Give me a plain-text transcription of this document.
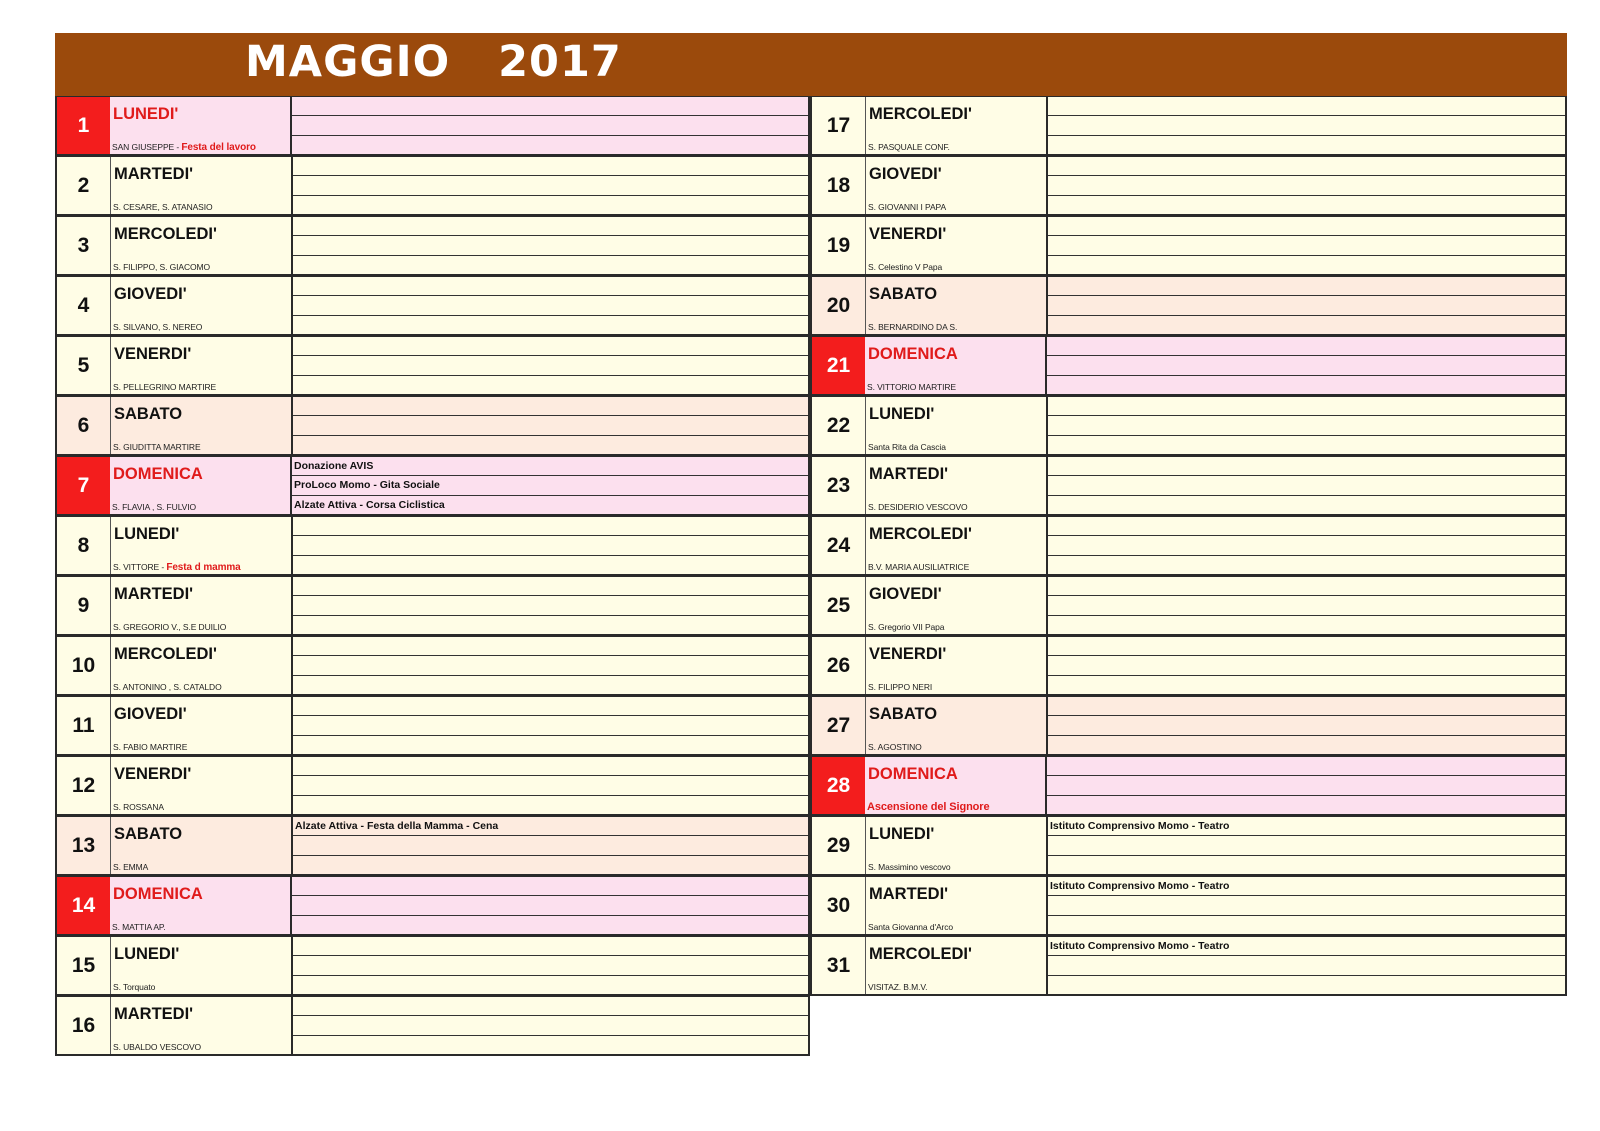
MAGGIO   2017
1	LUNEDI'
SAN GIUSEPPE - Festa del lavoro
2	MARTEDI'
S. CESARE, S. ATANASIO
3	MERCOLEDI'
S. FILIPPO, S. GIACOMO
4	GIOVEDI'
S. SILVANO, S. NEREO
5	VENERDI'
S. PELLEGRINO MARTIRE
6	SABATO
S. GIUDITTA MARTIRE
7	DOMENICA
S. FLAVIA , S. FULVIO
Donazione AVIS
ProLoco Momo - Gita Sociale
Alzate Attiva - Corsa Ciclistica
8	LUNEDI'
S. VITTORE - Festa d mamma
9	MARTEDI'
S. GREGORIO V., S.E DUILIO
10	MERCOLEDI'
S. ANTONINO , S. CATALDO
11	GIOVEDI'
S. FABIO MARTIRE
12	VENERDI'
S. ROSSANA
13	SABATO
S. EMMA
Alzate Attiva - Festa della Mamma - Cena
14	DOMENICA
S. MATTIA AP.
15	LUNEDI'
S. Torquato
16	MARTEDI'
S. UBALDO VESCOVO
17	MERCOLEDI'
S. PASQUALE CONF.
18	GIOVEDI'
S. GIOVANNI I PAPA
19	VENERDI'
S. Celestino V Papa
20	SABATO
S. BERNARDINO DA S.
21	DOMENICA
S. VITTORIO MARTIRE
22	LUNEDI'
Santa Rita da Cascia
23	MARTEDI'
S. DESIDERIO VESCOVO
24	MERCOLEDI'
B.V. MARIA AUSILIATRICE
25	GIOVEDI'
S. Gregorio VII Papa
26	VENERDI'
S. FILIPPO NERI
27	SABATO
S. AGOSTINO
28	DOMENICA
Ascensione del Signore
29	LUNEDI'
S. Massimino vescovo
Istituto Comprensivo Momo - Teatro
30	MARTEDI'
Santa Giovanna d'Arco
Istituto Comprensivo Momo - Teatro
31	MERCOLEDI'
VISITAZ. B.M.V.
Istituto Comprensivo Momo - Teatro
